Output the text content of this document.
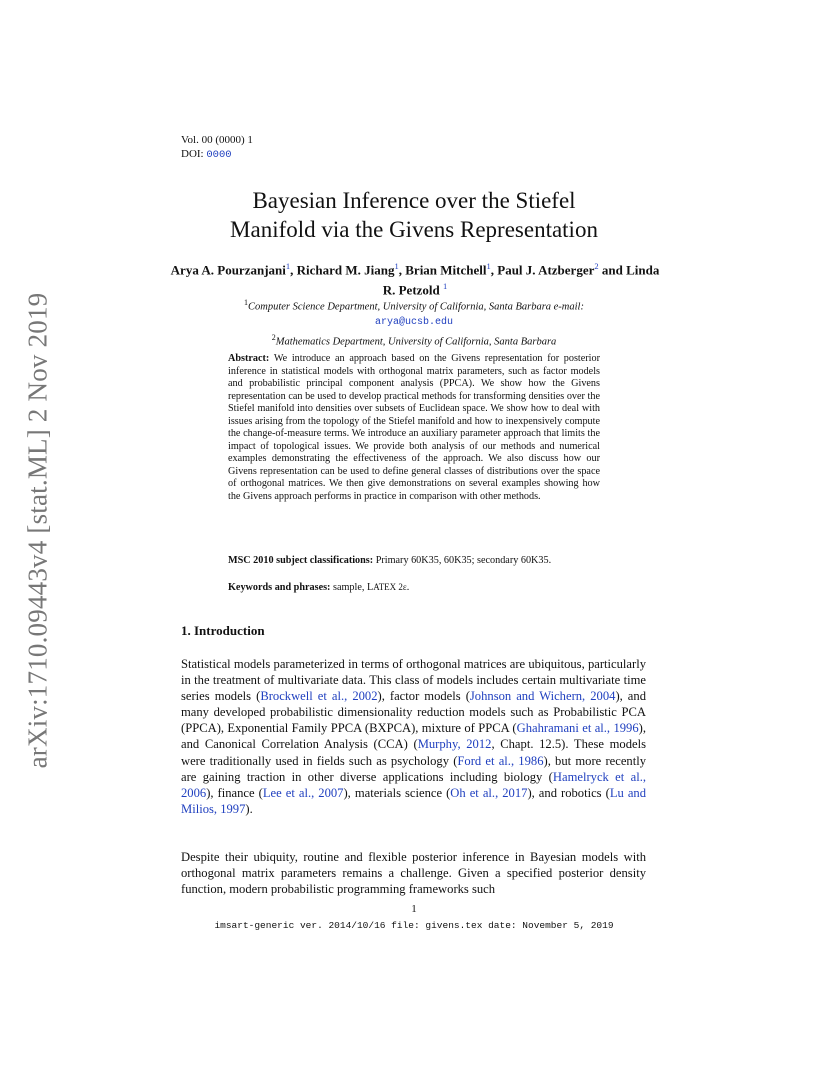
arXiv:1710.09443v4 [stat.ML] 2 Nov 2019
Vol. 00 (0000) 1
DOI: 0000
Bayesian Inference over the Stiefel
Manifold via the Givens Representation
Arya A. Pourzanjani$^1$, Richard M. Jiang$^1$, Brian Mitchell$^1$, Paul J. Atzberger$^2$ and Linda R. Petzold $^1$
$^1$Computer Science Department, University of California, Santa Barbara e-mail:
arya@ucsb.edu
$^2$Mathematics Department, University of California, Santa Barbara

Abstract: We introduce an approach based on the Givens representation for posterior inference in statistical models with orthogonal matrix parameters, such as factor models and probabilistic principal component analysis (PPCA). We show how the Givens representation can be used to develop practical methods for transforming densities over the Stiefel manifold into densities over subsets of Euclidean space. We show how to deal with issues arising from the topology of the Stiefel manifold and how to inexpensively compute the change-of-measure terms. We introduce an auxiliary parameter approach that limits the impact of topological issues. We provide both analysis of our methods and numerical examples demonstrating the effectiveness of the approach. We also discuss how our Givens representation can be used to define general classes of distributions over the space of orthogonal matrices. We then give demonstrations on several examples showing how the Givens approach performs in practice in comparison with other methods.

MSC 2010 subject classifications: Primary 60K35, 60K35; secondary 60K35.

Keywords and phrases: sample, LATEX 2ε.

1. Introduction

Statistical models parameterized in terms of orthogonal matrices are ubiquitous, particularly in the treatment of multivariate data. This class of models includes certain multivariate time series models (Brockwell et al., 2002), factor models (Johnson and Wichern, 2004), and many developed probabilistic dimensionality reduction models such as Probabilistic PCA (PPCA), Exponential Family PPCA (BXPCA), mixture of PPCA (Ghahramani et al., 1996), and Canonical Correlation Analysis (CCA) (Murphy, 2012, Chapt. 12.5). These models were traditionally used in fields such as psychology (Ford et al., 1986), but more recently are gaining traction in other diverse applications including biology (Hamelryck et al., 2006), finance (Lee et al., 2007), materials science (Oh et al., 2017), and robotics (Lu and Milios, 1997).

Despite their ubiquity, routine and flexible posterior inference in Bayesian models with orthogonal matrix parameters remains a challenge. Given a specified posterior density function, modern probabilistic programming frameworks such

1
imsart-generic ver. 2014/10/16 file: givens.tex date: November 5, 2019
